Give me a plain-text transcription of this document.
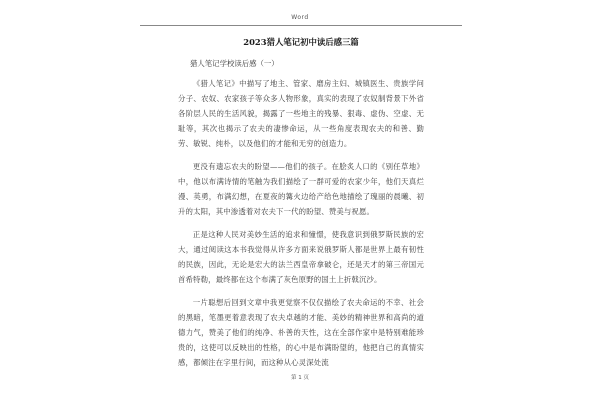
Word
2023猎人笔记初中读后感三篇
猎人笔记学校读后感（一）

《猎人笔记》中描写了地主、管家、磨房主妇、城镇医生、贵族学问分子、农奴、农家孩子等众多人物形象，真实的表现了农奴制背景下外省各阶层人民的生活风貌，揭露了一些地主的残暴、狠毒、虚伪、空虚、无耻等，其次也揭示了农夫的凄惨命运，从一些角度表现农夫的和善、勤劳、敏锐、纯朴，以及他们的才能和无穷的创造力。

更没有遗忘农夫的盼望——他们的孩子。在脍炙人口的《别任草地》中，他以布满诗情的笔触为我们描绘了一群可爱的农家少年，他们天真烂漫、英勇，布满幻想，在夏夜的篝火边给产给色地描绘了瑰丽的晨曦、初升的太阳，其中渗透着对农夫下一代的盼望、赞美与祝愿。

正是这种人民对美妙生活的追求和憧憬，使我意识到俄罗斯民族的宏大，通过阅读这本书我觉得从许多方面来说俄罗斯人都是世界上最有韧性的民族，因此，无论是宏大的法兰西皇帝拿破仑，还是天才的第三帝国元首希特勒，最终都在这个布满了灰色原野的国土上折戟沉沙。

一片聪想后回到文章中我更觉察不仅仅描绘了农夫命运的不幸、社会的黑暗，笔墨更着意表现了农夫卓越的才能、美妙的精神世界和高尚的道德力气，赞美了他们的纯净、朴善的天性，这在全部作家中是特别难能珍贵的，这使可以反映出的性格，的心中是布满盼望的，他把自己的真情实感，都倾注在字里行间，而这种从心灵深处流

第 1 页
